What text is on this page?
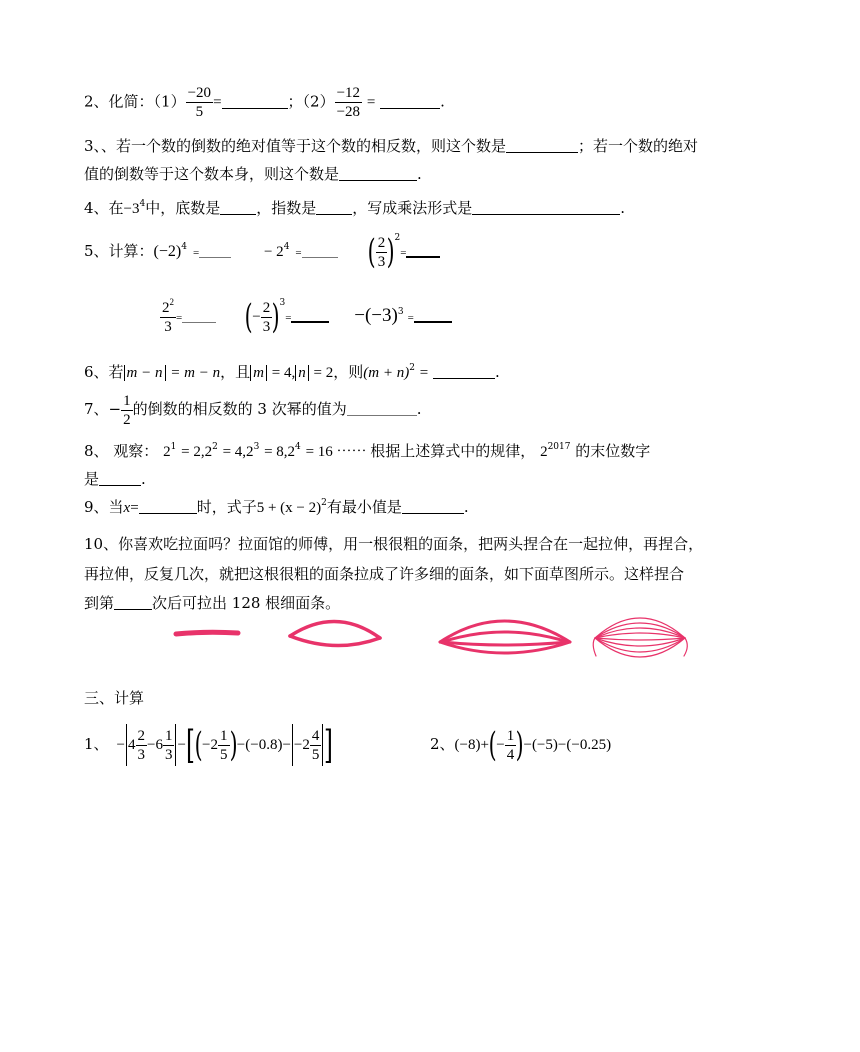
2、化简：$(1) \frac{-20}{5}$ =	；$(2) \frac{-12}{-28}$ =	.
3、、若一个数的倒数的绝对值等于这个数的相反数，则这个数是	；若一个数的绝对
值的倒数等于这个数本身，则这个数是	.
4、在$-3^4$中，底数是 ，指数是 ，写成乘法形式是	.
5、计算：$(-2)^4$ =	− $2^4$ = ( $\frac{2}{3} )^2=$
$\frac{2^2}{3}$ = (− $\frac{2}{3} )^3=$	$-(-3)^3$ =
6、若 m − n = m − n，且 m = 4, n = 2，则$(m + n)^2$ =	.
7、− $\frac{1}{2}$ 的倒数的相反数的 3 次幂的值为	.
8、 观察： $2^1 = 2,2^2 = 4,2^3 = 8,2^4 = 16$ ⋯⋯ 根据上述算式中的规律， $2^{2017}$ 的末位数字
是	.
9、当x=	时，式子$5 + (x - 2)^2$有最小值是	.
10、你喜欢吃拉面吗？拉面馆的师傅，用一根很粗的面条，把两头捏合在一起拉伸，再捏合，
再拉伸，反复几次，就把这根很粗的面条拉成了许多细的面条，如下面草图所示。这样捏合
到第	次后可拉出 128 根细面条。
三、计算
1、 − $4 \frac{2}{3} -6 \frac{1}{3} -[(-2 \frac{1}{5} )-(-0.8)- -2 \frac{4}{5}$ ]	2、$(-8)+(- \frac{1}{4} )-(-5)-(-0.25)$
